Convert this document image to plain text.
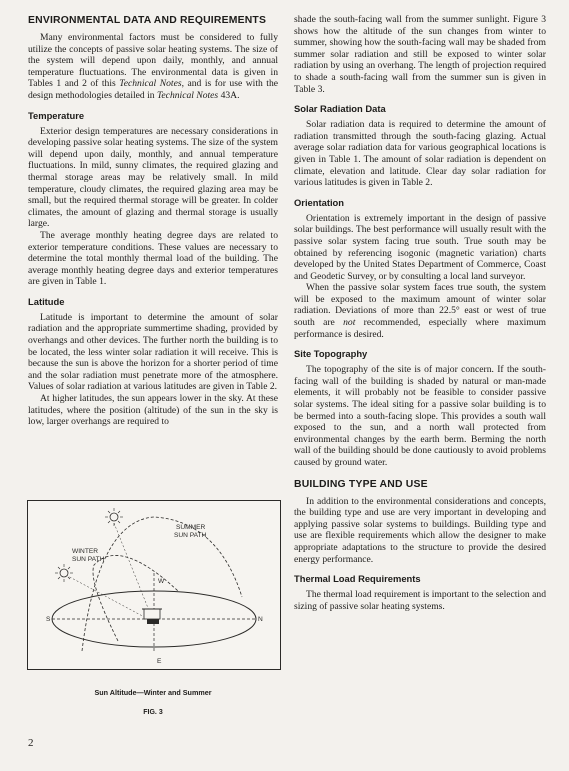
ENVIRONMENTAL DATA AND REQUIREMENTS

Many environmental factors must be considered to fully utilize the concepts of passive solar heating systems. The size of the system will depend upon daily, monthly, and annual temperature fluctuations. The environmental data is given in Tables 1 and 2 of this Technical Notes, and is for use with the design methodologies detailed in Technical Notes 43A.

Temperature

Exterior design temperatures are necessary considerations in developing passive solar heating systems. The size of the system will depend upon daily, monthly, and annual temperature fluctuations. In mild, sunny climates, the required glazing and thermal storage areas may be relatively small. In mild temperature, cloudy climates, the required glazing area may be small, but the required thermal storage will be greater. In colder climates, the amount of glazing and thermal storage is usually large.

The average monthly heating degree days are related to exterior temperature conditions. These values are necessary to determine the total monthly thermal load of the building. The average monthly heating degree days and exterior temperatures are given in Table 1.

Latitude

Latitude is important to determine the amount of solar radiation and the appropriate summertime shading, provided by overhangs and other devices. The further north the building is to be located, the less winter solar radiation it will receive. This is because the sun is above the horizon for a shorter period of time and the solar radiation must penetrate more of the atmosphere. Values of solar radiation at various latitudes are given in Table 2.

At higher latitudes, the sun appears lower in the sky. At these latitudes, where the position (altitude) of the sun in the sky is low, larger overhangs are required to

SUMMER
SUN PATH
WINTER
SUN PATH
W
S	N
E
Sun Altitude—Winter and Summer
FIG. 3
2

shade the south-facing wall from the summer sunlight. Figure 3 shows how the altitude of the sun changes from winter to summer, showing how the south-facing wall may be shaded from summer solar radiation and still be exposed to winter solar radiation by using an overhang. The length of projection required to shade a south-facing wall from the summer sun is given in Table 3.

Solar Radiation Data

Solar radiation data is required to determine the amount of radiation transmitted through the south-facing glazing. Actual average solar radiation data for various geographical locations is given in Table 1. The amount of solar radiation is dependent on climate, elevation and latitude. Clear day solar radiation for various latitudes is given in Table 2.

Orientation

Orientation is extremely important in the design of passive solar buildings. The best performance will usually result with the passive solar system facing true south. True south may be obtained by referencing isogonic (magnetic variation) charts developed by the United States Department of Commerce, Coast and Geodetic Survey, or by consulting a local land surveyor.

When the passive solar system faces true south, the system will be exposed to the maximum amount of winter solar radiation. Deviations of more than 22.5° east or west of true south are not recommended, especially where maximum performance is desired.

Site Topography

The topography of the site is of major concern. If the south-facing wall of the building is shaded by natural or man-made elements, it will probably not be feasible to consider passive solar systems. The ideal siting for a passive solar building is to be bermed into a south-facing slope. This provides a south wall exposed to the sun, and a north wall protected from environmental changes by the earth berm. Berming the north wall of the building should be done cautiously to avoid problems caused by ground water.

BUILDING TYPE AND USE

In addition to the environmental considerations and concepts, the building type and use are very important in developing and applying passive solar systems to buildings. Building type and use are flexible requirements which allow the designer to make appropriate adaptations to the structure to provide the desired energy performance.

Thermal Load Requirements

The thermal load requirement is important to the selection and sizing of passive solar heating systems.
